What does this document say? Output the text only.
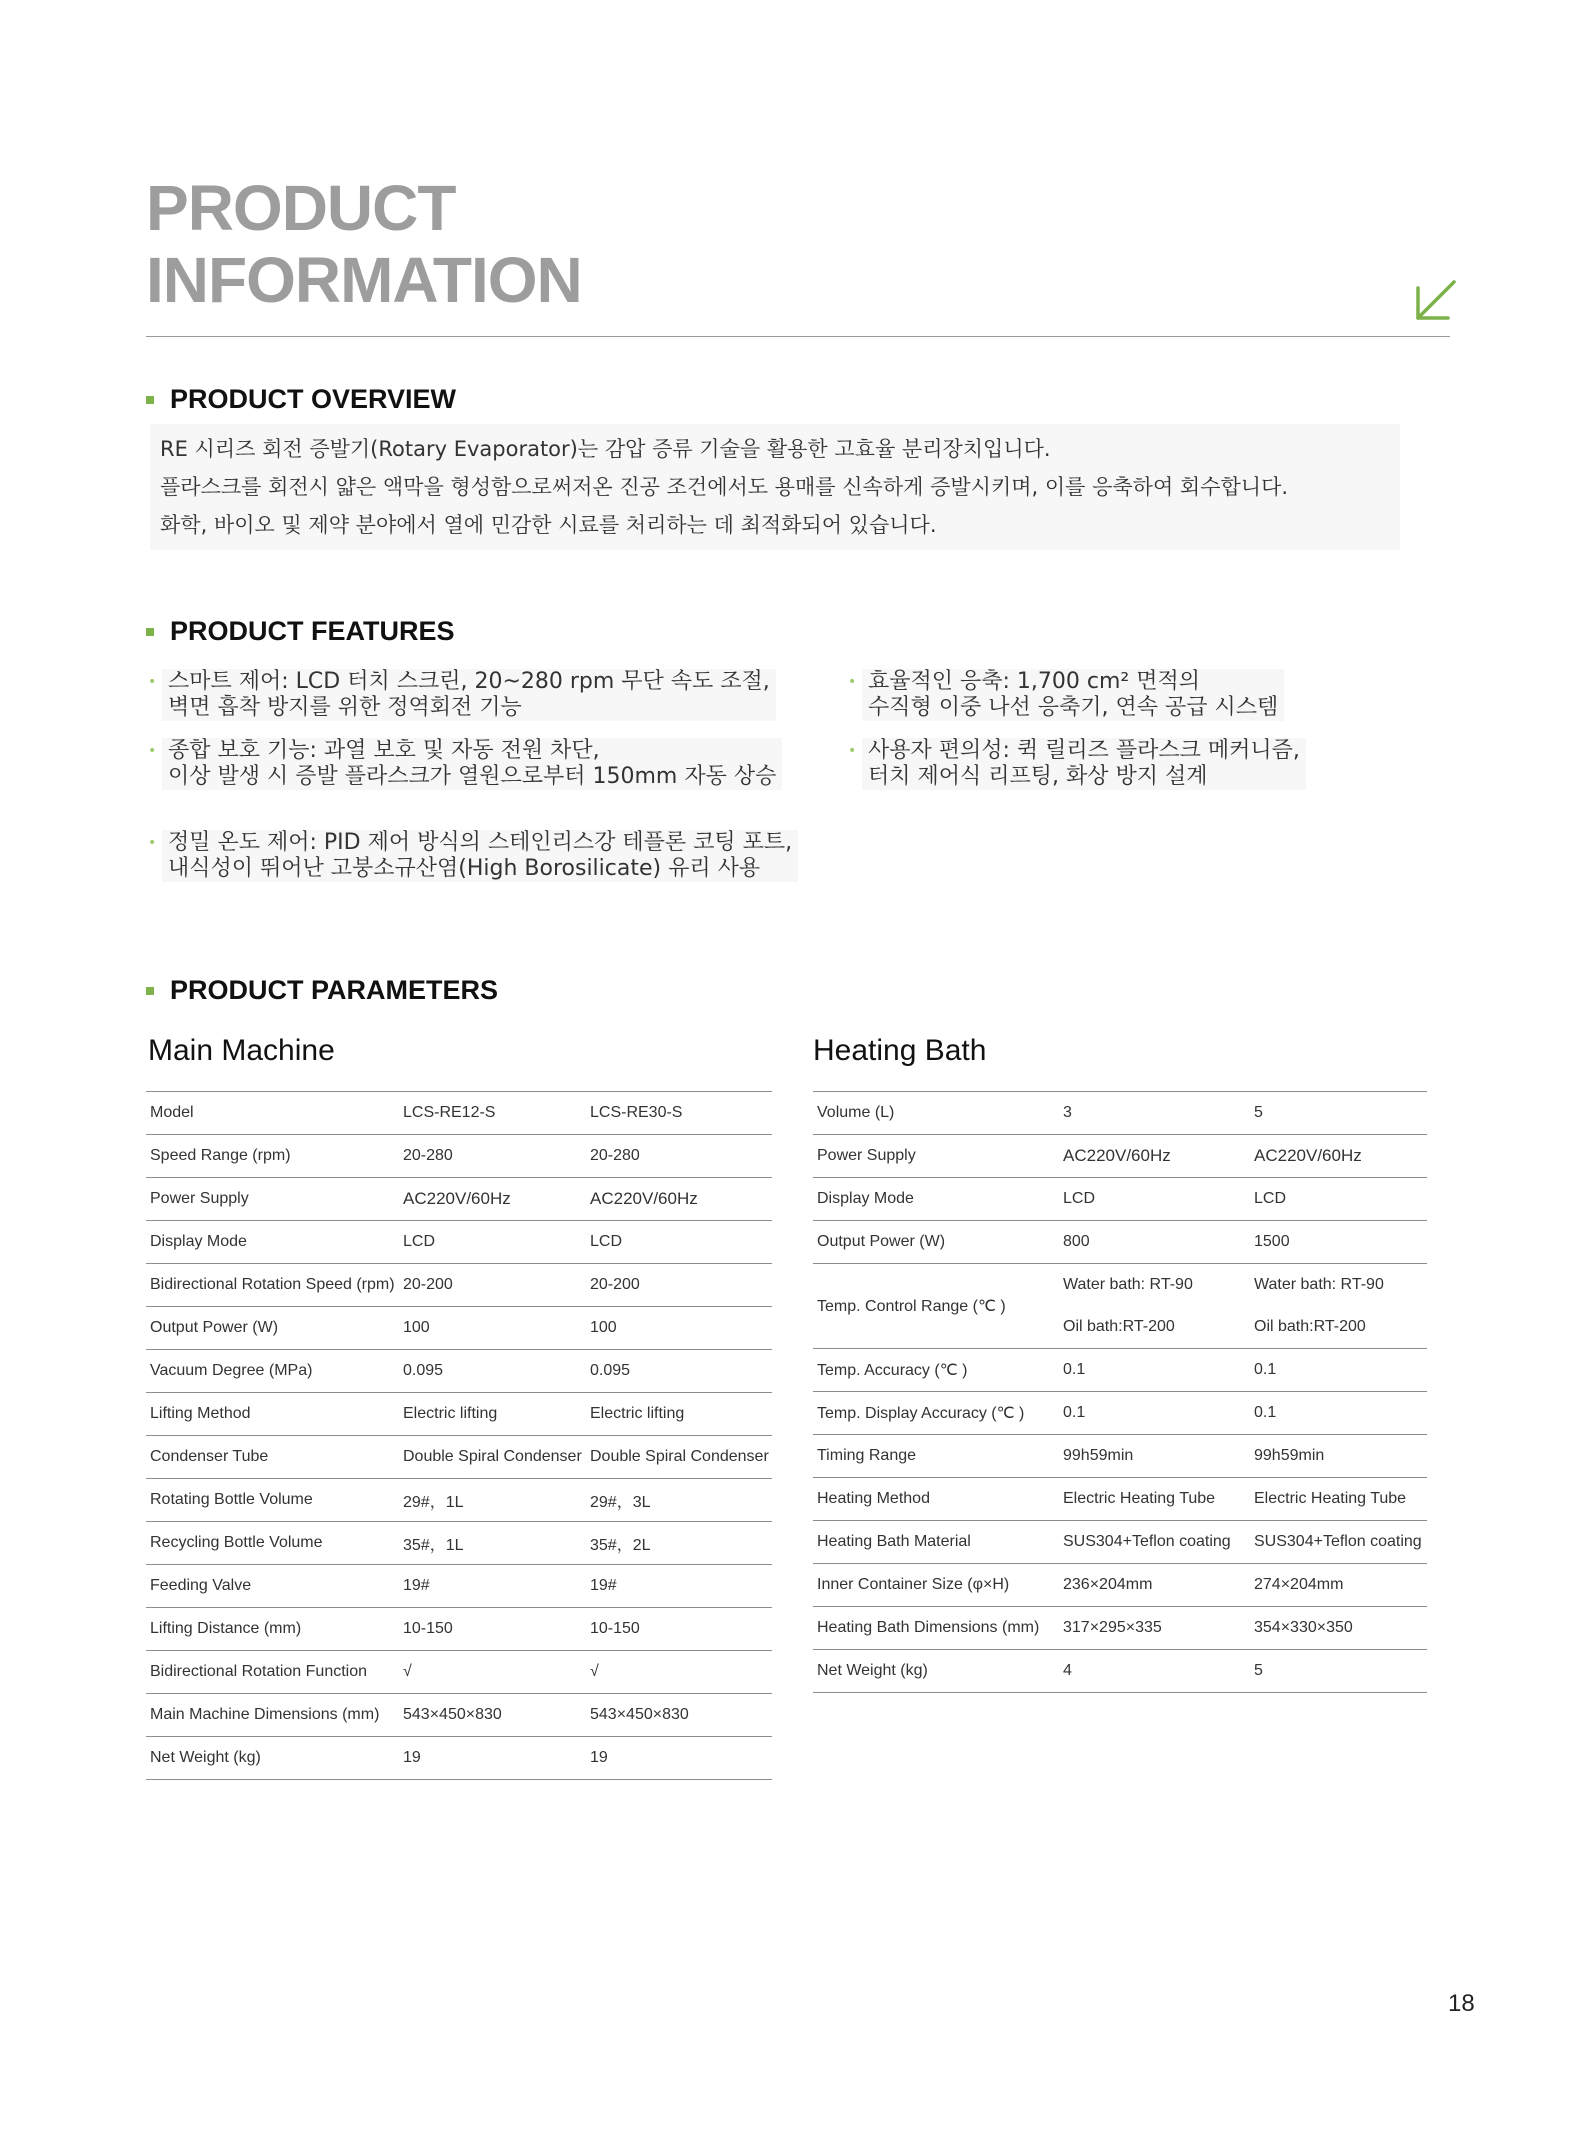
PRODUCT
INFORMATION
PRODUCT OVERVIEW

RE 시리즈 회전 증발기(Rotary Evaporator)는 감압 증류 기술을 활용한 고효율 분리장치입니다.

플라스크를 회전시 얇은 액막을 형성함으로써저온 진공 조건에서도 용매를 신속하게 증발시키며, 이를 응축하여 회수합니다.

화학, 바이오 및 제약 분야에서 열에 민감한 시료를 처리하는 데 최적화되어 있습니다.

PRODUCT FEATURES
• 스마트 제어: LCD 터치 스크린, 20~280 rpm 무단 속도 조절,
벽면 흡착 방지를 위한 정역회전 기능
• 효율적인 응축: 1,700 cm² 면적의
수직형 이중 나선 응축기, 연속 공급 시스템
• 종합 보호 기능: 과열 보호 및 자동 전원 차단,
이상 발생 시 증발 플라스크가 열원으로부터 150mm 자동 상승
• 사용자 편의성: 퀵 릴리즈 플라스크 메커니즘,
터치 제어식 리프팅, 화상 방지 설계
• 정밀 온도 제어: PID 제어 방식의 스테인리스강 테플론 코팅 포트,
내식성이 뛰어난 고붕소규산염(High Borosilicate) 유리 사용
PRODUCT PARAMETERS
Main Machine	Heating Bath
Model	LCS-RE12-S	LCS-RE30-S
Speed Range (rpm)	20-280	20-280
Power Supply	AC220V/60Hz	AC220V/60Hz
Display Mode	LCD	LCD
Bidirectional Rotation Speed (rpm)	20-200	20-200
Output Power (W)	100	100
Vacuum Degree (MPa)	0.095	0.095
Lifting Method	Electric lifting	Electric lifting
Condenser Tube	Double Spiral Condenser	Double Spiral Condenser
Rotating Bottle Volume	29#，1L	29#，3L
Recycling Bottle Volume	35#，1L	35#，2L
Feeding Valve	19#	19#
Lifting Distance (mm)	10-150	10-150
Bidirectional Rotation Function	√	√
Main Machine Dimensions (mm)	543×450×830	543×450×830
Net Weight (kg)	19	19
Volume (L)	3	5
Power Supply	AC220V/60Hz	AC220V/60Hz
Display Mode	LCD	LCD
Output Power (W)	800	1500
Temp. Control Range (℃ )	Water bath: RT-90	Water bath: RT-90
	Oil bath:RT-200	Oil bath:RT-200
Temp. Accuracy (℃ )	0.1	0.1
Temp. Display Accuracy (℃ )	0.1	0.1
Timing Range	99h59min	99h59min
Heating Method	Electric Heating Tube	Electric Heating Tube
Heating Bath Material	SUS304+Teflon coating	SUS304+Teflon coating
Inner Container Size (φ×H)	236×204mm	274×204mm
Heating Bath Dimensions (mm)	317×295×335	354×330×350
Net Weight (kg)	4	5
18
